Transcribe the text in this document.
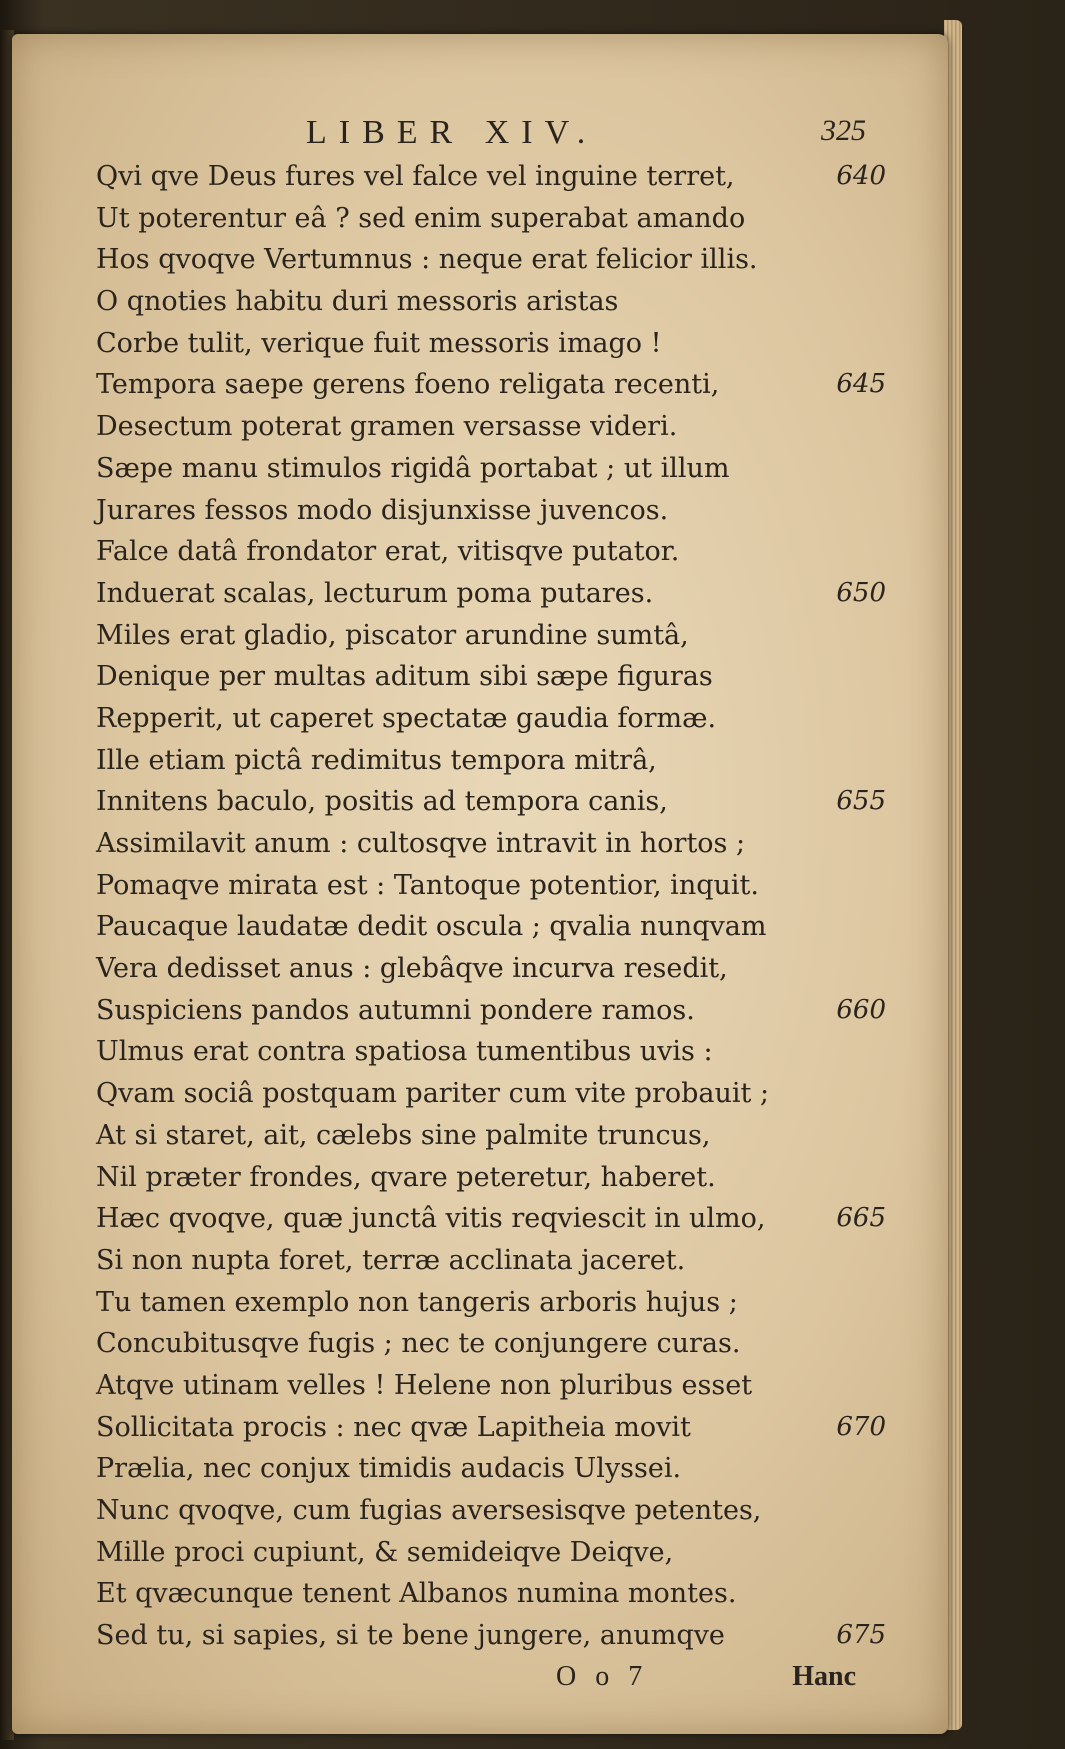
LIBER XIV.	325
Qvi qve Deus fures vel falce vel inguine terret,	640
Ut poterentur eâ ? sed enim superabat amando
Hos qvoqve Vertumnus : neque erat felicior illis.
O qnoties habitu duri messoris aristas
Corbe tulit, verique fuit messoris imago !
Tempora saepe gerens foeno religata recenti,	645
Desectum poterat gramen versasse videri.
Sæpe manu stimulos rigidâ portabat ; ut illum
Jurares fessos modo disjunxisse juvencos.
Falce datâ frondator erat, vitisqve putator.
Induerat scalas, lecturum poma putares.	650
Miles erat gladio, piscator arundine sumtâ,
Denique per multas aditum sibi sæpe figuras
Repperit, ut caperet spectatæ gaudia formæ.
Ille etiam pictâ redimitus tempora mitrâ,
Innitens baculo, positis ad tempora canis,	655
Assimilavit anum : cultosqve intravit in hortos ;
Pomaqve mirata est : Tantoque potentior, inquit.
Paucaque laudatæ dedit oscula ; qvalia nunqvam
Vera dedisset anus : glebâqve incurva resedit,
Suspiciens pandos autumni pondere ramos.	660
Ulmus erat contra spatiosa tumentibus uvis :
Qvam sociâ postquam pariter cum vite probauit ;
At si staret, ait, cælebs sine palmite truncus,
Nil præter frondes, qvare peteretur, haberet.
Hæc qvoqve, quæ junctâ vitis reqviescit in ulmo,	665
Si non nupta foret, terræ acclinata jaceret.
Tu tamen exemplo non tangeris arboris hujus ;
Concubitusqve fugis ; nec te conjungere curas.
Atqve utinam velles ! Helene non pluribus esset
Sollicitata procis : nec qvæ Lapitheia movit	670
Prælia, nec conjux timidis audacis Ulyssei.
Nunc qvoqve, cum fugias aversesisqve petentes,
Mille proci cupiunt, & semideiqve Deiqve,
Et qvæcunque tenent Albanos numina montes.
Sed tu, si sapies, si te bene jungere, anumqve	675
O o 7	Hanc
